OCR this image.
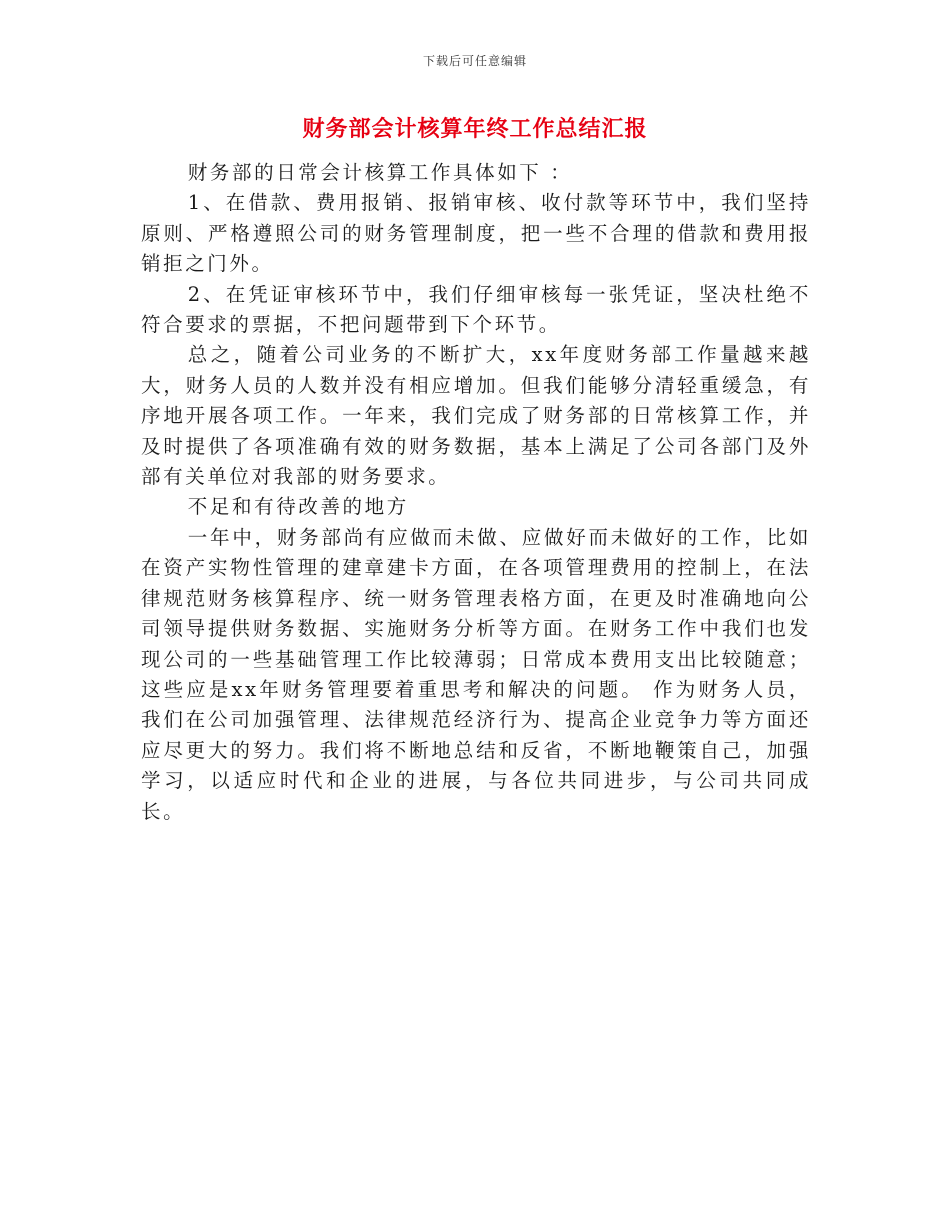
下载后可任意编辑
财务部会计核算年终工作总结汇报

财务部的日常会计核算工作具体如下 ：

1、在借款、费用报销、报销审核、收付款等环节中，我们坚持原则、严格遵照公司的财务管理制度，把一些不合理的借款和费用报销拒之门外。

2、在凭证审核环节中，我们仔细审核每一张凭证，坚决杜绝不符合要求的票据，不把问题带到下个环节。

总之，随着公司业务的不断扩大，xx年度财务部工作量越来越大，财务人员的人数并没有相应增加。但我们能够分清轻重缓急，有序地开展各项工作。一年来，我们完成了财务部的日常核算工作，并及时提供了各项准确有效的财务数据，基本上满足了公司各部门及外部有关单位对我部的财务要求。

不足和有待改善的地方

一年中，财务部尚有应做而未做、应做好而未做好的工作，比如在资产实物性管理的建章建卡方面，在各项管理费用的控制上，在法律规范财务核算程序、统一财务管理表格方面，在更及时准确地向公司领导提供财务数据、实施财务分析等方面。在财务工作中我们也发现公司的一些基础管理工作比较薄弱；日常成本费用支出比较随意；这些应是xx年财务管理要着重思考和解决的问题。 作为财务人员，我们在公司加强管理、法律规范经济行为、提高企业竞争力等方面还应尽更大的努力。我们将不断地总结和反省，不断地鞭策自己，加强学习，以适应时代和企业的进展，与各位共同进步，与公司共同成长。
